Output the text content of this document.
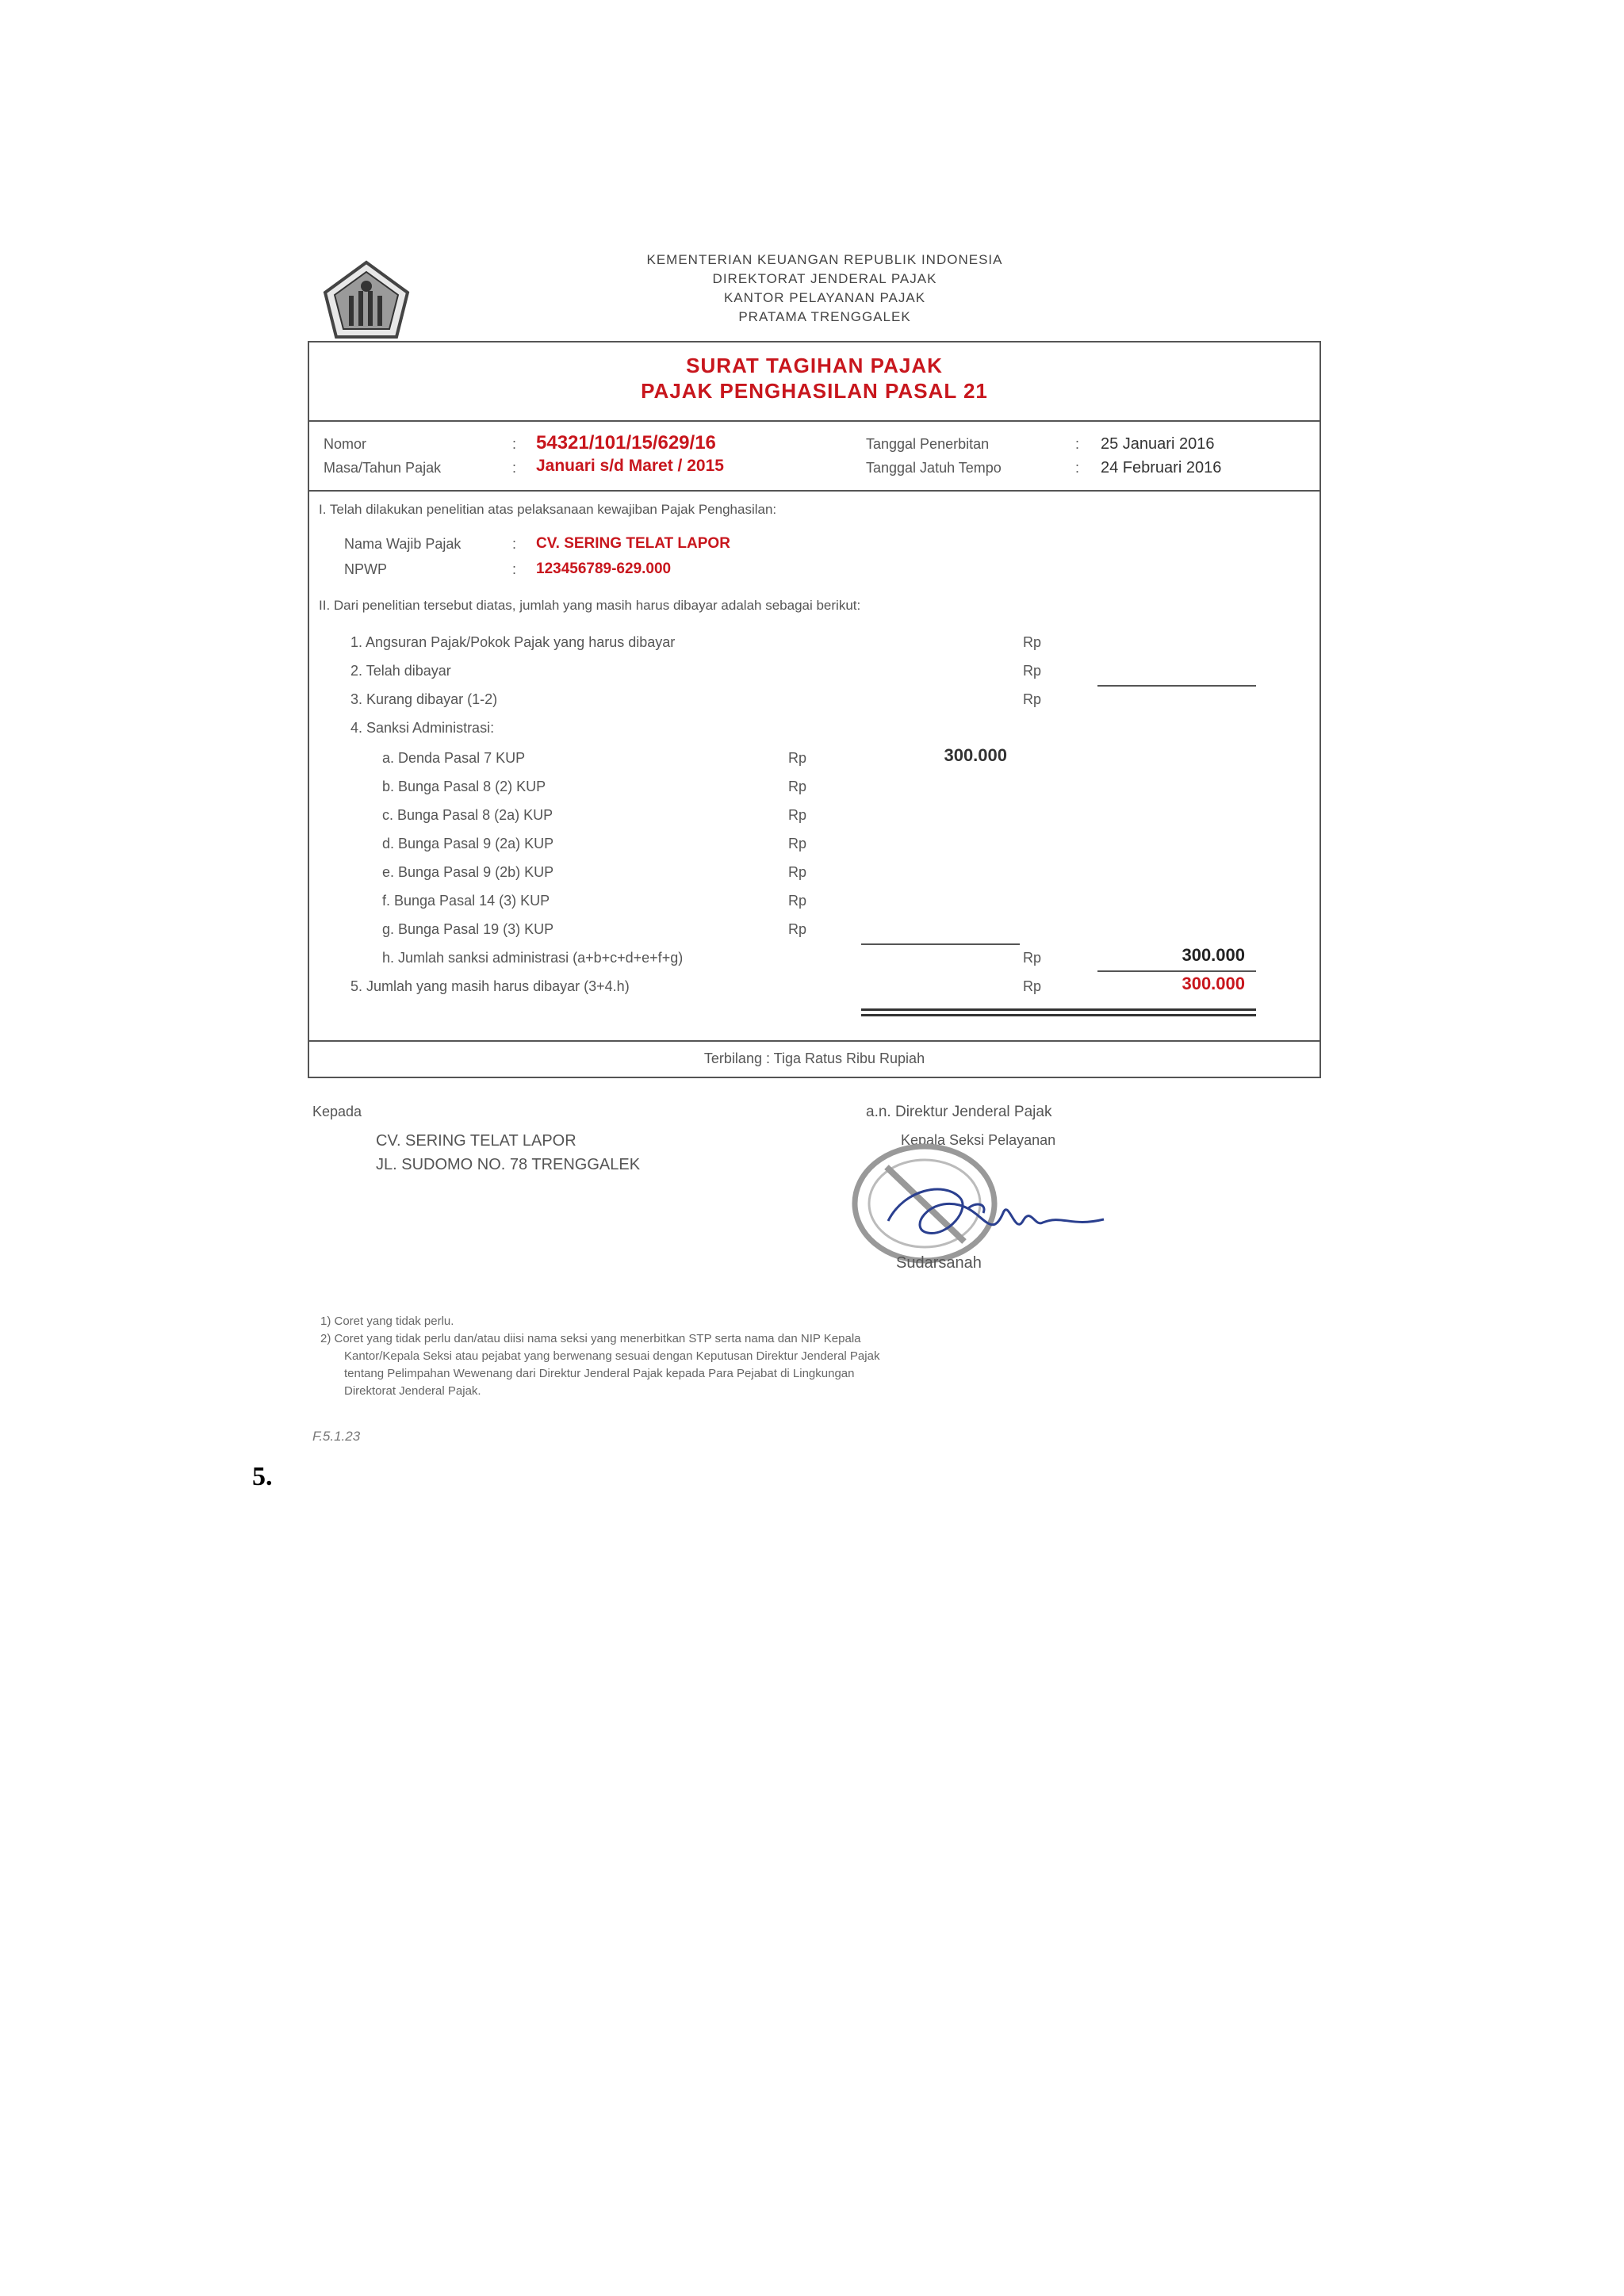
KEMENTERIAN KEUANGAN REPUBLIK INDONESIA
DIREKTORAT JENDERAL PAJAK
KANTOR PELAYANAN PAJAK
PRATAMA TRENGGALEK
SURAT TAGIHAN PAJAK
PAJAK PENGHASILAN PASAL 21
Nomor	: 54321/101/15/629/16
Masa/Tahun Pajak	: Januari s/d Maret / 2015
Tanggal Penerbitan	: 25 Januari 2016
Tanggal Jatuh Tempo	: 24 Februari 2016
I. Telah dilakukan penelitian atas pelaksanaan kewajiban Pajak Penghasilan:
Nama Wajib Pajak	: CV. SERING TELAT LAPOR
NPWP	: 123456789-629.000
II. Dari penelitian tersebut diatas, jumlah yang masih harus dibayar adalah sebagai berikut:
1. Angsuran Pajak/Pokok Pajak yang harus dibayar	Rp
2. Telah dibayar	Rp
3. Kurang dibayar (1-2)	Rp
4. Sanksi Administrasi:
a. Denda Pasal 7 KUP	Rp	300.000
b. Bunga Pasal 8 (2) KUP	Rp
c. Bunga Pasal 8 (2a) KUP	Rp
d. Bunga Pasal 9 (2a) KUP	Rp
e. Bunga Pasal 9 (2b) KUP	Rp
f. Bunga Pasal 14 (3) KUP	Rp
g. Bunga Pasal 19 (3) KUP	Rp
h. Jumlah sanksi administrasi (a+b+c+d+e+f+g)	Rp	300.000
5. Jumlah yang masih harus dibayar (3+4.h)	Rp	300.000
Terbilang : Tiga Ratus Ribu Rupiah
Kepada
CV. SERING TELAT LAPOR
JL. SUDOMO NO. 78 TRENGGALEK
a.n. Direktur Jenderal Pajak
Kepala Seksi Pelayanan
Sudarsanah
1) Coret yang tidak perlu.
2) Coret yang tidak perlu dan/atau diisi nama seksi yang menerbitkan STP serta nama dan NIP Kepala
Kantor/Kepala Seksi atau pejabat yang berwenang sesuai dengan Keputusan Direktur Jenderal Pajak
tentang Pelimpahan Wewenang dari Direktur Jenderal Pajak kepada Para Pejabat di Lingkungan
Direktorat Jenderal Pajak.
F.5.1.23
5.
